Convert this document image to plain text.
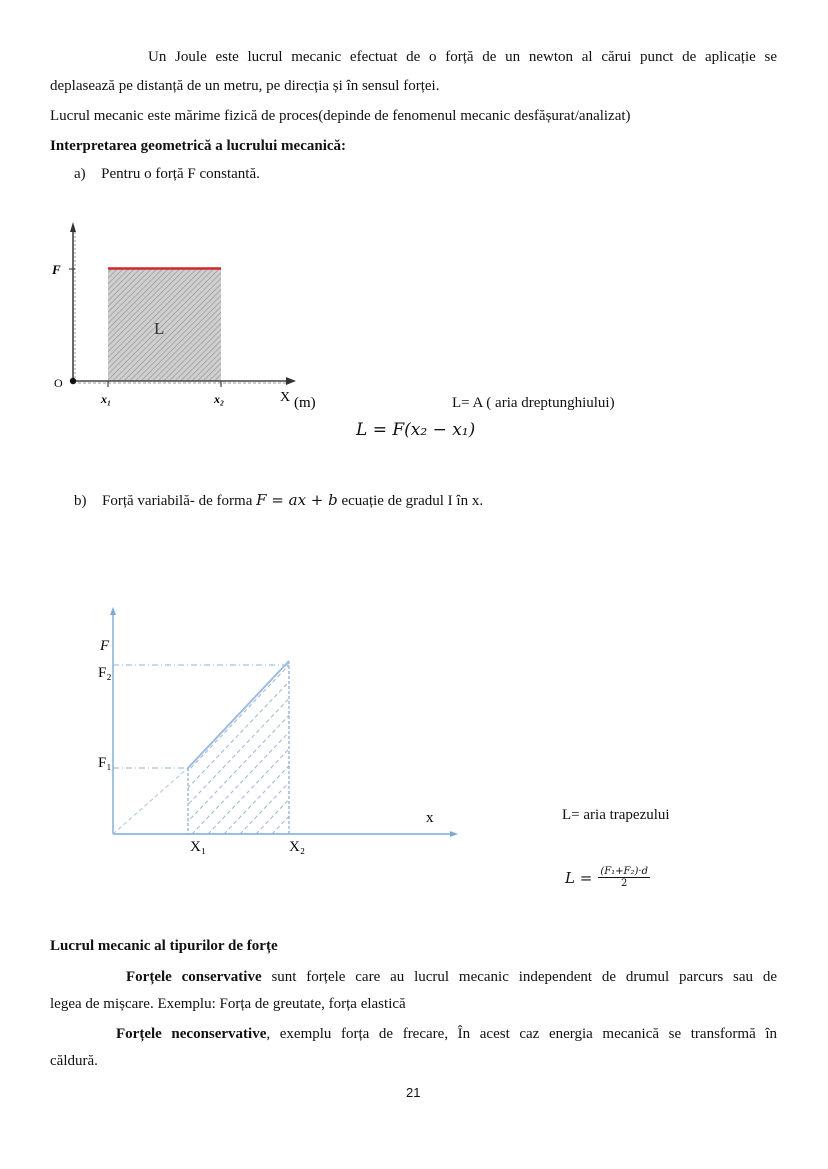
Un Joule este lucrul mecanic efectuat de o forță de un newton al cărui punct de aplicație se
deplasează pe distanță de un metru, pe direcția și în sensul forței.
Lucrul mecanic este mărime fizică de proces(depinde de fenomenul mecanic desfășurat/analizat)
Interpretarea geometrică a lucrului mecanică:
a) Pentru o forță F constantă.
F
O
x₁	x₂	X (m)
L
L= A ( aria dreptunghiului)
L = F(x₂ − x₁)
b) Forță variabilă- de forma F = ax + b ecuație de gradul I în x.
F
F₂
F₁
X₁	X₂
x	L= aria trapezului
$L = \frac{\text{(F₁+F₂)·d}}{2}$
Lucrul mecanic al tipurilor de forțe
Forțele conservative sunt forțele care au lucrul mecanic independent de drumul parcurs sau de
legea de mișcare. Exemplu: Forța de greutate, forța elastică
Forțele neconservative, exemplu forța de frecare, În acest caz energia mecanică se transformă în
căldură.
21
